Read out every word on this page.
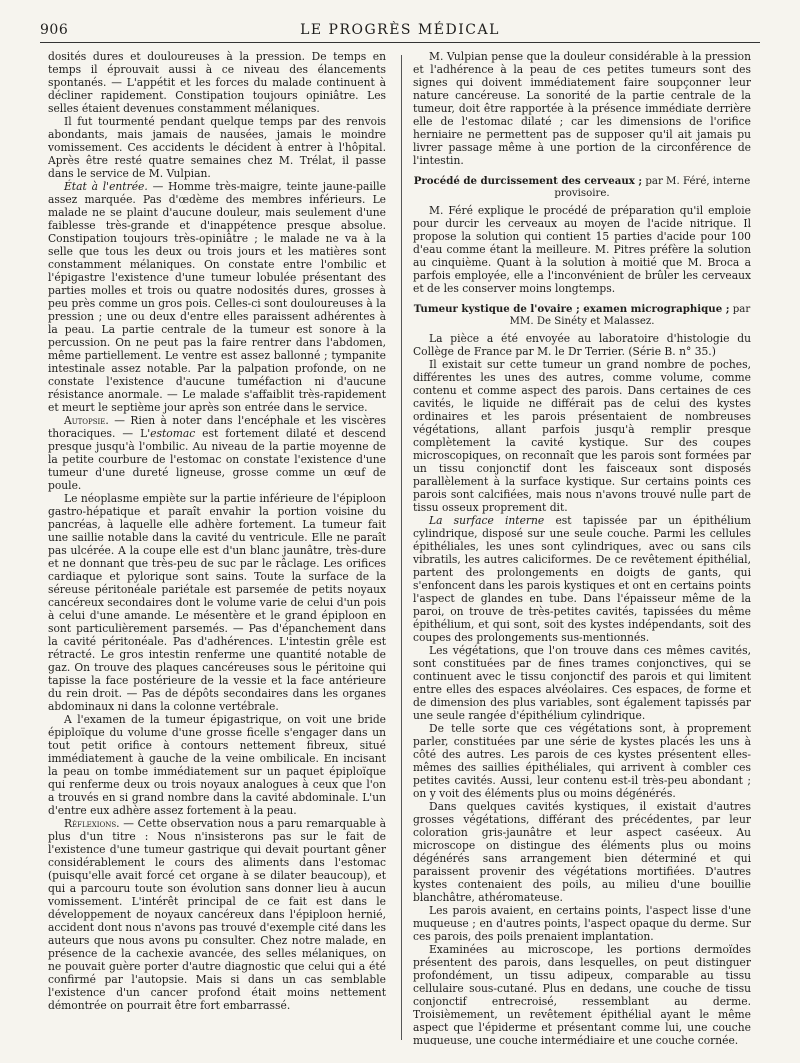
906	LE PROGRÈS MÉDICAL

dosités dures et douloureuses à la pression. De temps en temps il éprouvait aussi à ce niveau des élancements spontanés. — L'appétit et les forces du malade continuent à décliner rapidement. Constipation toujours opiniâtre. Les selles étaient devenues constamment mélaniques.

Il fut tourmenté pendant quelque temps par des renvois abondants, mais jamais de nausées, jamais le moindre vomissement. Ces accidents le décident à entrer à l'hôpital. Après être resté quatre semaines chez M. Trélat, il passe dans le service de M. Vulpian.

État à l'entrée. — Homme très-maigre, teinte jaune-paille assez marquée. Pas d'œdème des membres inférieurs. Le malade ne se plaint d'aucune douleur, mais seulement d'une faiblesse très-grande et d'inappétence presque absolue. Constipation toujours très-opiniâtre ; le malade ne va à la selle que tous les deux ou trois jours et les matières sont constamment mélaniques. On constate entre l'ombilic et l'épigastre l'existence d'une tumeur lobulée présentant des parties molles et trois ou quatre nodosités dures, grosses à peu près comme un gros pois. Celles-ci sont douloureuses à la pression ; une ou deux d'entre elles paraissent adhérentes à la peau. La partie centrale de la tumeur est sonore à la percussion. On ne peut pas la faire rentrer dans l'abdomen, même partiellement. Le ventre est assez ballonné ; tympanite intestinale assez notable. Par la palpation profonde, on ne constate l'existence d'aucune tuméfaction ni d'aucune résistance anormale. — Le malade s'affaiblit très-rapidement et meurt le septième jour après son entrée dans le service.

Autopsie. — Rien à noter dans l'encéphale et les viscères thoraciques. — L'estomac est fortement dilaté et descend presque jusqu'à l'ombilic. Au niveau de la partie moyenne de la petite courbure de l'estomac on constate l'existence d'une tumeur d'une dureté ligneuse, grosse comme un œuf de poule.

Le néoplasme empiète sur la partie inférieure de l'épiploon gastro-hépatique et paraît envahir la portion voisine du pancréas, à laquelle elle adhère fortement. La tumeur fait une saillie notable dans la cavité du ventricule. Elle ne paraît pas ulcérée. A la coupe elle est d'un blanc jaunâtre, très-dure et ne donnant que très-peu de suc par le râclage. Les orifices cardiaque et pylorique sont sains. Toute la surface de la séreuse péritonéale pariétale est parsemée de petits noyaux cancéreux secondaires dont le volume varie de celui d'un pois à celui d'une amande. Le mésentère et le grand épiploon en sont particulièrement parsemés. — Pas d'épanchement dans la cavité péritonéale. Pas d'adhérences. L'intestin grêle est rétracté. Le gros intestin renferme une quantité notable de gaz. On trouve des plaques cancéreuses sous le péritoine qui tapisse la face postérieure de la vessie et la face antérieure du rein droit. — Pas de dépôts secondaires dans les organes abdominaux ni dans la colonne vertébrale.

A l'examen de la tumeur épigastrique, on voit une bride épiploïque du volume d'une grosse ficelle s'engager dans un tout petit orifice à contours nettement fibreux, situé immédiatement à gauche de la veine ombilicale. En incisant la peau on tombe immédiatement sur un paquet épiploïque qui renferme deux ou trois noyaux analogues à ceux que l'on a trouvés en si grand nombre dans la cavité abdominale. L'un d'entre eux adhère assez fortement à la peau.

Réflexions. — Cette observation nous a paru remarquable à plus d'un titre : Nous n'insisterons pas sur le fait de l'existence d'une tumeur gastrique qui devait pourtant gêner considérablement le cours des aliments dans l'estomac (puisqu'elle avait forcé cet organe à se dilater beaucoup), et qui a parcouru toute son évolution sans donner lieu à aucun vomissement. L'intérêt principal de ce fait est dans le développement de noyaux cancéreux dans l'épiploon hernié, accident dont nous n'avons pas trouvé d'exemple cité dans les auteurs que nous avons pu consulter. Chez notre malade, en présence de la cachexie avancée, des selles mélaniques, on ne pouvait guère porter d'autre diagnostic que celui qui a été confirmé par l'autopsie. Mais si dans un cas semblable l'existence d'un cancer profond était moins nettement démontrée on pourrait être fort embarrassé.

M. Vulpian pense que la douleur considérable à la pression et l'adhérence à la peau de ces petites tumeurs sont des signes qui doivent immédiatement faire soupçonner leur nature cancéreuse. La sonorité de la partie centrale de la tumeur, doit être rapportée à la présence immédiate derrière elle de l'estomac dilaté ; car les dimensions de l'orifice herniaire ne permettent pas de supposer qu'il ait jamais pu livrer passage même à une portion de la circonférence de l'intestin.

Procédé de durcissement des cerveaux ; par M. Féré, interne provisoire.

M. Féré explique le procédé de préparation qu'il emploie pour durcir les cerveaux au moyen de l'acide nitrique. Il propose la solution qui contient 15 parties d'acide pour 100 d'eau comme étant la meilleure. M. Pitres préfère la solution au cinquième. Quant à la solution à moitié que M. Broca a parfois employée, elle a l'inconvénient de brûler les cerveaux et de les conserver moins longtemps.

Tumeur kystique de l'ovaire ; examen micrographique ; par MM. De Sinéty et Malassez.

La pièce a été envoyée au laboratoire d'histologie du Collège de France par M. le Dr Terrier. (Série B. n° 35.)

Il existait sur cette tumeur un grand nombre de poches, différentes les unes des autres, comme volume, comme contenu et comme aspect des parois. Dans certaines de ces cavités, le liquide ne différait pas de celui des kystes ordinaires et les parois présentaient de nombreuses végétations, allant parfois jusqu'à remplir presque complètement la cavité kystique. Sur des coupes microscopiques, on reconnaît que les parois sont formées par un tissu conjonctif dont les faisceaux sont disposés parallèlement à la surface kystique. Sur certains points ces parois sont calcifiées, mais nous n'avons trouvé nulle part de tissu osseux proprement dit.

La surface interne est tapissée par un épithélium cylindrique, disposé sur une seule couche. Parmi les cellules épithéliales, les unes sont cylindriques, avec ou sans cils vibratils, les autres caliciformes. De ce revêtement épithélial, partent des prolongements en doigts de gants, qui s'enfoncent dans les parois kystiques et ont en certains points l'aspect de glandes en tube. Dans l'épaisseur même de la paroi, on trouve de très-petites cavités, tapissées du même épithélium, et qui sont, soit des kystes indépendants, soit des coupes des prolongements sus-mentionnés.

Les végétations, que l'on trouve dans ces mêmes cavités, sont constituées par de fines trames conjonctives, qui se continuent avec le tissu conjonctif des parois et qui limitent entre elles des espaces alvéolaires. Ces espaces, de forme et de dimension des plus variables, sont également tapissés par une seule rangée d'épithélium cylindrique.

De telle sorte que ces végétations sont, à proprement parler, constituées par une série de kystes placés les uns à côté des autres. Les parois de ces kystes présentent elles-mêmes des saillies épithéliales, qui arrivent à combler ces petites cavités. Aussi, leur contenu est-il très-peu abondant ; on y voit des éléments plus ou moins dégénérés.

Dans quelques cavités kystiques, il existait d'autres grosses végétations, différant des précédentes, par leur coloration gris-jaunâtre et leur aspect caséeux. Au microscope on distingue des éléments plus ou moins dégénérés sans arrangement bien déterminé et qui paraissent provenir des végétations mortifiées. D'autres kystes contenaient des poils, au milieu d'une bouillie blanchâtre, athéromateuse.

Les parois avaient, en certains points, l'aspect lisse d'une muqueuse ; en d'autres points, l'aspect opaque du derme. Sur ces parois, des poils prenaient implantation.

Examinées au microscope, les portions dermoïdes présentent des parois, dans lesquelles, on peut distinguer profondément, un tissu adipeux, comparable au tissu cellulaire sous-cutané. Plus en dedans, une couche de tissu conjonctif entrecroisé, ressemblant au derme. Troisièmement, un revêtement épithélial ayant le même aspect que l'épiderme et présentant comme lui, une couche muqueuse, une couche intermédiaire et une couche cornée.
